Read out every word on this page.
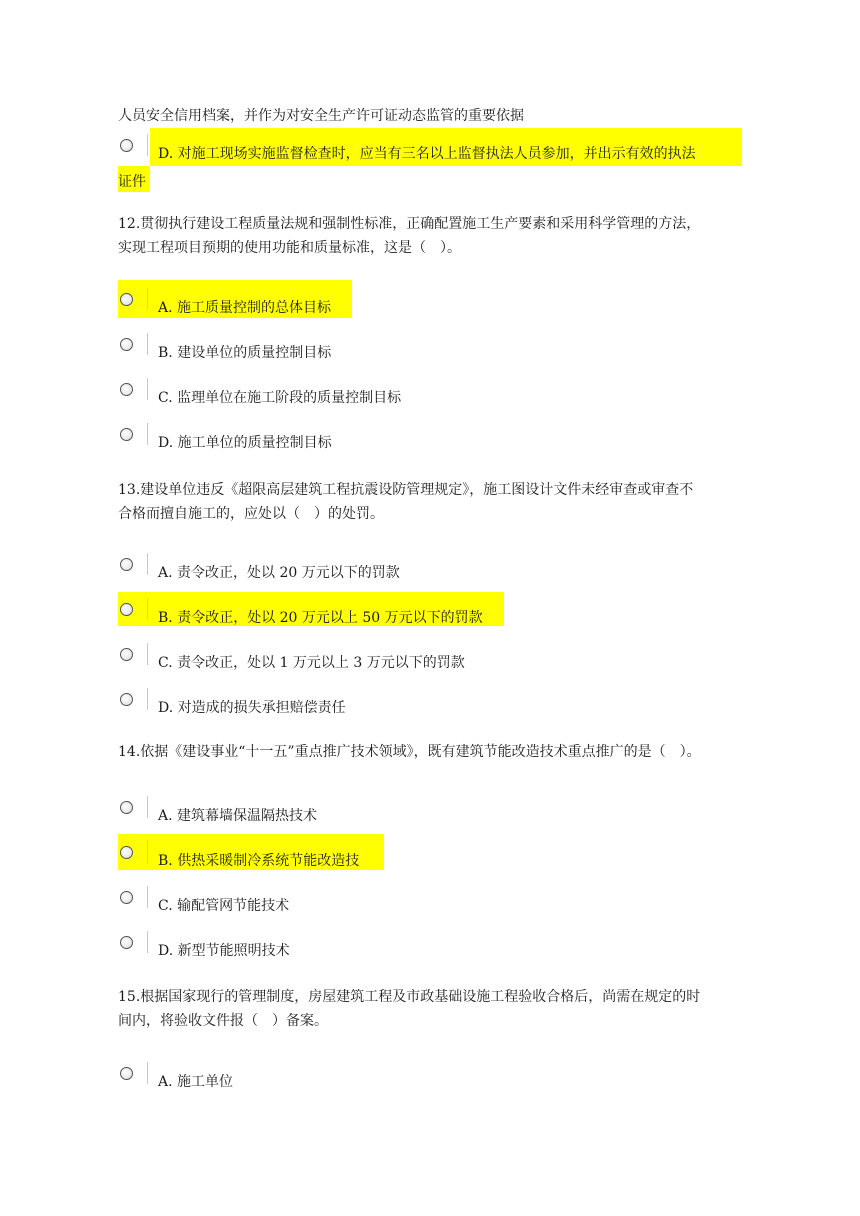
人员安全信用档案，并作为对安全生产许可证动态监管的重要依据
D. 对施工现场实施监督检查时，应当有三名以上监督执法人员参加，并出示有效的执法
证件
12.贯彻执行建设工程质量法规和强制性标准，正确配置施工生产要素和采用科学管理的方法，
实现工程项目预期的使用功能和质量标准，这是（　）。
A. 施工质量控制的总体目标
B. 建设单位的质量控制目标
C. 监理单位在施工阶段的质量控制目标
D. 施工单位的质量控制目标
13.建设单位违反《超限高层建筑工程抗震设防管理规定》，施工图设计文件未经审查或审查不
合格而擅自施工的，应处以（　）的处罚。
A. 责令改正，处以 20 万元以下的罚款
B. 责令改正，处以 20 万元以上 50 万元以下的罚款
C. 责令改正，处以 1 万元以上 3 万元以下的罚款
D. 对造成的损失承担赔偿责任
14.依据《建设事业“十一五”重点推广技术领域》，既有建筑节能改造技术重点推广的是（　）。
A. 建筑幕墙保温隔热技术
B. 供热采暖制冷系统节能改造技
C. 输配管网节能技术
D. 新型节能照明技术
15.根据国家现行的管理制度，房屋建筑工程及市政基础设施工程验收合格后，尚需在规定的时
间内，将验收文件报（　）备案。
A. 施工单位
